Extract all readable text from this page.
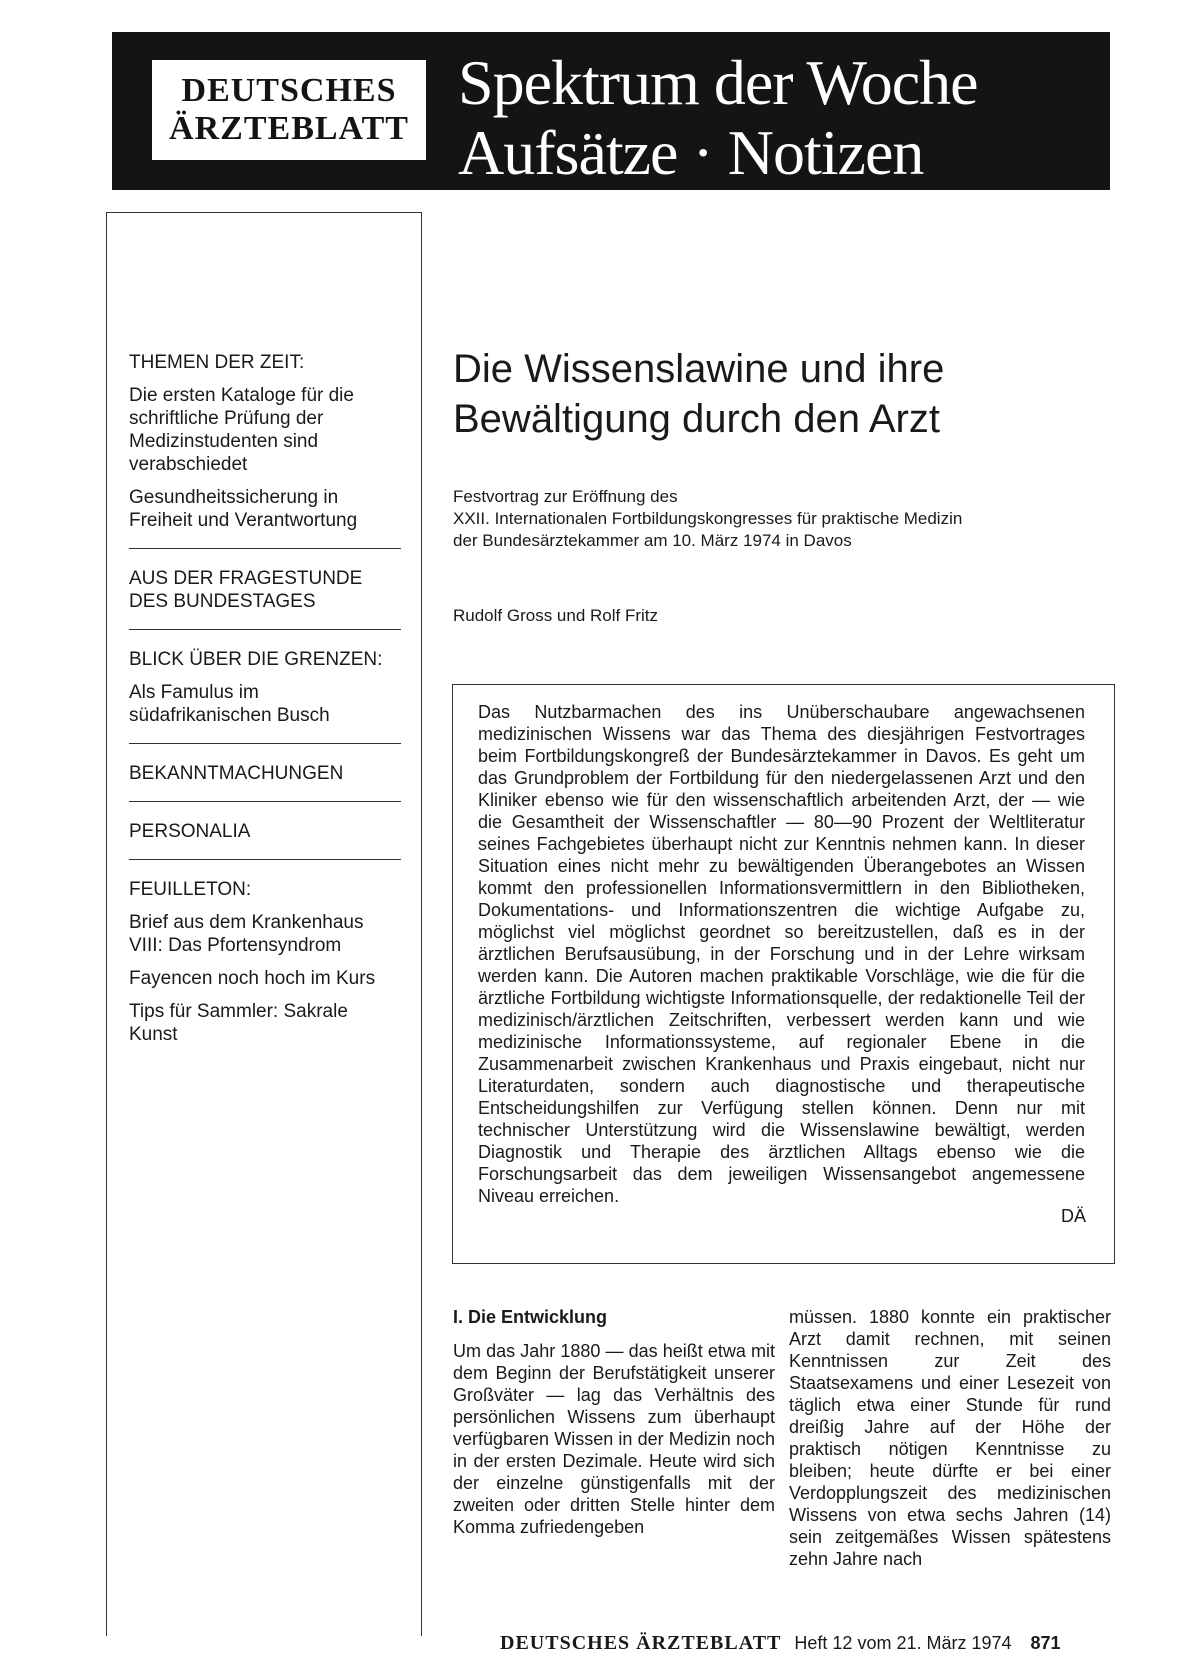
DEUTSCHES
ÄRZTEBLATT
Spektrum der Woche
Aufsätze · Notizen
THEMEN DER ZEIT:
Die ersten Kataloge für die schriftliche Prüfung der Medizinstudenten sind verabschiedet
Gesundheitssicherung in Freiheit und Verantwortung
AUS DER FRAGESTUNDE DES BUNDESTAGES
BLICK ÜBER DIE GRENZEN:
Als Famulus im südafrikanischen Busch
BEKANNTMACHUNGEN
PERSONALIA
FEUILLETON:
Brief aus dem Krankenhaus VIII: Das Pfortensyndrom
Fayencen noch hoch im Kurs
Tips für Sammler: Sakrale Kunst
Die Wissenslawine und ihre
Bewältigung durch den Arzt
Festvortrag zur Eröffnung des
XXII. Internationalen Fortbildungskongresses für praktische Medizin
der Bundesärztekammer am 10. März 1974 in Davos
Rudolf Gross und Rolf Fritz
Das Nutzbarmachen des ins Unüberschaubare angewachsenen medizinischen Wissens war das Thema des diesjährigen Festvortrages beim Fortbildungskongreß der Bundesärztekammer in Davos. Es geht um das Grundproblem der Fortbildung für den niedergelassenen Arzt und den Kliniker ebenso wie für den wissenschaftlich arbeitenden Arzt, der — wie die Gesamtheit der Wissenschaftler — 80—90 Prozent der Weltliteratur seines Fachgebietes überhaupt nicht zur Kenntnis nehmen kann. In dieser Situation eines nicht mehr zu bewältigenden Überangebotes an Wissen kommt den professionellen Informationsvermittlern in den Bibliotheken, Dokumentations- und Informationszentren die wichtige Aufgabe zu, möglichst viel möglichst geordnet so bereitzustellen, daß es in der ärztlichen Berufsausübung, in der Forschung und in der Lehre wirksam werden kann. Die Autoren machen praktikable Vorschläge, wie die für die ärztliche Fortbildung wichtigste Informationsquelle, der redaktionelle Teil der medizinisch/ärztlichen Zeitschriften, verbessert werden kann und wie medizinische Informationssysteme, auf regionaler Ebene in die Zusammenarbeit zwischen Krankenhaus und Praxis eingebaut, nicht nur Literaturdaten, sondern auch diagnostische und therapeutische Entscheidungshilfen zur Verfügung stellen können. Denn nur mit technischer Unterstützung wird die Wissenslawine bewältigt, werden Diagnostik und Therapie des ärztlichen Alltags ebenso wie die Forschungsarbeit das dem jeweiligen Wissensangebot angemessene Niveau erreichen.
DÄ
I. Die Entwicklung
Um das Jahr 1880 — das heißt etwa mit dem Beginn der Berufstätigkeit unserer Großväter — lag das Verhältnis des persönlichen Wissens zum überhaupt verfügbaren Wissen in der Medizin noch in der ersten Dezimale. Heute wird sich der einzelne günstigenfalls mit der zweiten oder dritten Stelle hinter dem Komma zufriedengeben
müssen. 1880 konnte ein praktischer Arzt damit rechnen, mit seinen Kenntnissen zur Zeit des Staatsexamens und einer Lesezeit von täglich etwa einer Stunde für rund dreißig Jahre auf der Höhe der praktisch nötigen Kenntnisse zu bleiben; heute dürfte er bei einer Verdopplungszeit des medizinischen Wissens von etwa sechs Jahren (14) sein zeitgemäßes Wissen spätestens zehn Jahre nach
DEUTSCHES ÄRZTEBLATT Heft 12 vom 21. März 1974 871
